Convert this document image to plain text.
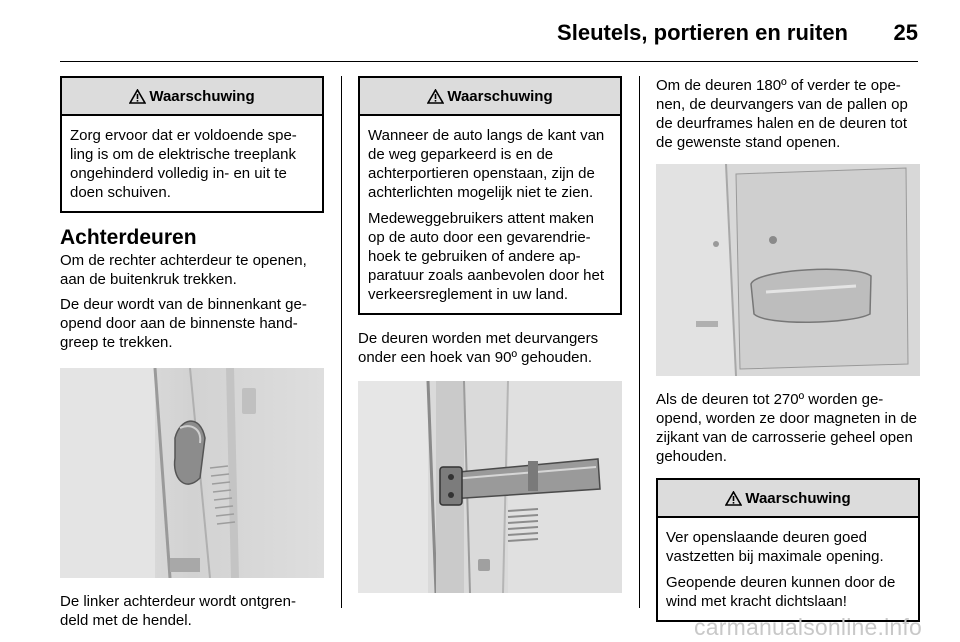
Sleutels, portieren en ruiten 25
Waarschuwing

Zorg ervoor dat er voldoende spe-ling is om de elektrische treeplank ongehinderd volledig in- en uit te doen schuiven.

Achterdeuren

Om de rechter achterdeur te openen, aan de buitenkruk trekken.

De deur wordt van de binnenkant ge-opend door aan de binnenste hand-greep te trekken.

De linker achterdeur wordt ontgren-deld met de hendel.

Waarschuwing

Wanneer de auto langs de kant van de weg geparkeerd is en de achterportieren openstaan, zijn de achterlichten mogelijk niet te zien.

Medeweggebruikers attent maken op de auto door een gevarendrie-hoek te gebruiken of andere ap-paratuur zoals aanbevolen door het verkeersreglement in uw land.

De deuren worden met deurvangers onder een hoek van 90º gehouden.

Om de deuren 180º of verder te ope-nen, de deurvangers van de pallen op de deurframes halen en de deuren tot de gewenste stand openen.

Als de deuren tot 270º worden ge-opend, worden ze door magneten in de zijkant van de carrosserie geheel open gehouden.

Waarschuwing

Ver openslaande deuren goed vastzetten bij maximale opening.

Geopende deuren kunnen door de wind met kracht dichtslaan!

carmanualsonline.info
